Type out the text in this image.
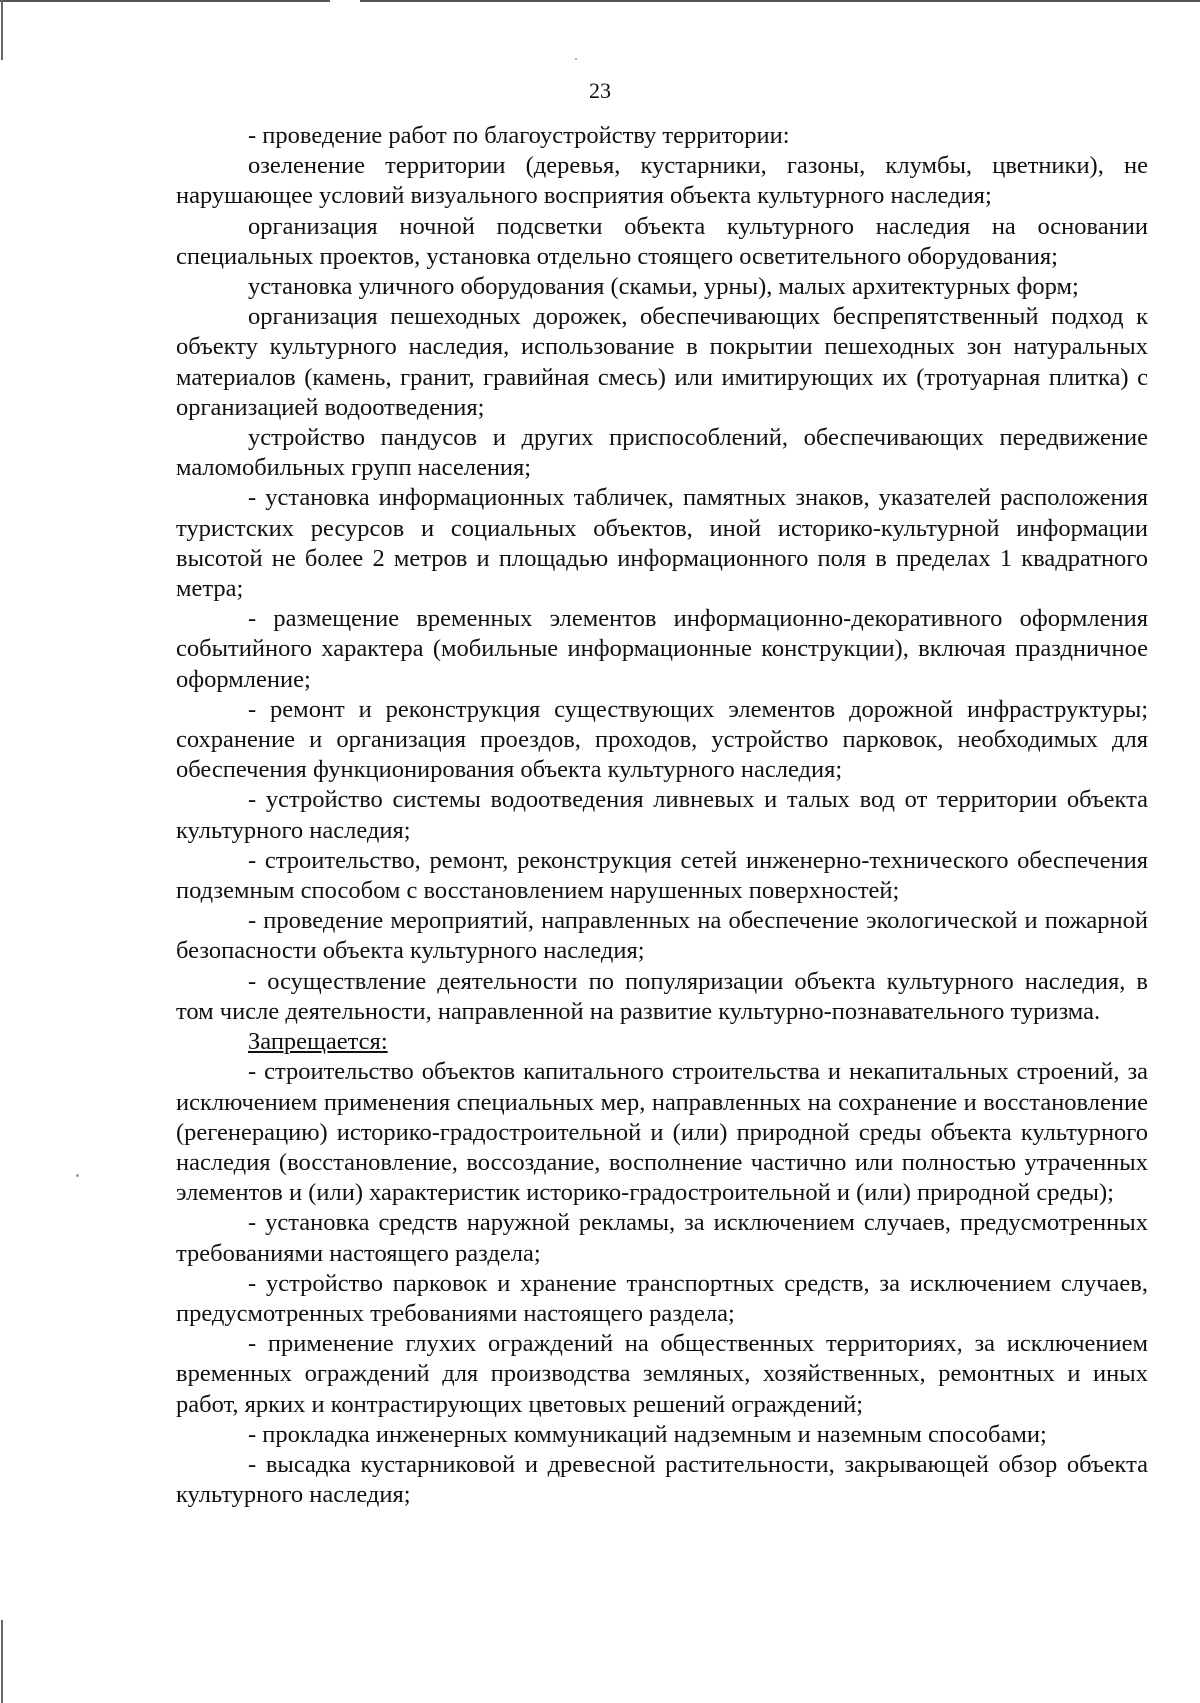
23

- проведение работ по благоустройству территории:

озеленение территории (деревья, кустарники, газоны, клумбы, цветники), не нарушающее условий визуального восприятия объекта культурного наследия;

организация ночной подсветки объекта культурного наследия на основании специальных проектов, установка отдельно стоящего осветительного оборудования;

установка уличного оборудования (скамьи, урны), малых архитектурных форм;

организация пешеходных дорожек, обеспечивающих беспрепятственный подход к объекту культурного наследия, использование в покрытии пешеходных зон натуральных материалов (камень, гранит, гравийная смесь) или имитирующих их (тротуарная плитка) с организацией водоотведения;

устройство пандусов и других приспособлений, обеспечивающих передвижение маломобильных групп населения;

- установка информационных табличек, памятных знаков, указателей расположения туристских ресурсов и социальных объектов, иной историко-культурной информации высотой не более 2 метров и площадью информационного поля в пределах 1 квадратного метра;

- размещение временных элементов информационно-декоративного оформления событийного характера (мобильные информационные конструкции), включая праздничное оформление;

- ремонт и реконструкция существующих элементов дорожной инфраструктуры; сохранение и организация проездов, проходов, устройство парковок, необходимых для обеспечения функционирования объекта культурного наследия;

- устройство системы водоотведения ливневых и талых вод от территории объекта культурного наследия;

- строительство, ремонт, реконструкция сетей инженерно-технического обеспечения подземным способом с восстановлением нарушенных поверхностей;

- проведение мероприятий, направленных на обеспечение экологической и пожарной безопасности объекта культурного наследия;

- осуществление деятельности по популяризации объекта культурного наследия, в том числе деятельности, направленной на развитие культурно-познавательного туризма.

Запрещается:

- строительство объектов капитального строительства и некапитальных строений, за исключением применения специальных мер, направленных на сохранение и восстановление (регенерацию) историко-градостроительной и (или) природной среды объекта культурного наследия (восстановление, воссоздание, восполнение частично или полностью утраченных элементов и (или) характеристик историко-градостроительной и (или) природной среды);

- установка средств наружной рекламы, за исключением случаев, предусмотренных требованиями настоящего раздела;

- устройство парковок и хранение транспортных средств, за исключением случаев, предусмотренных требованиями настоящего раздела;

- применение глухих ограждений на общественных территориях, за исключением временных ограждений для производства земляных, хозяйственных, ремонтных и иных работ, ярких и контрастирующих цветовых решений ограждений;

- прокладка инженерных коммуникаций надземным и наземным способами;

- высадка кустарниковой и древесной растительности, закрывающей обзор объекта культурного наследия;
